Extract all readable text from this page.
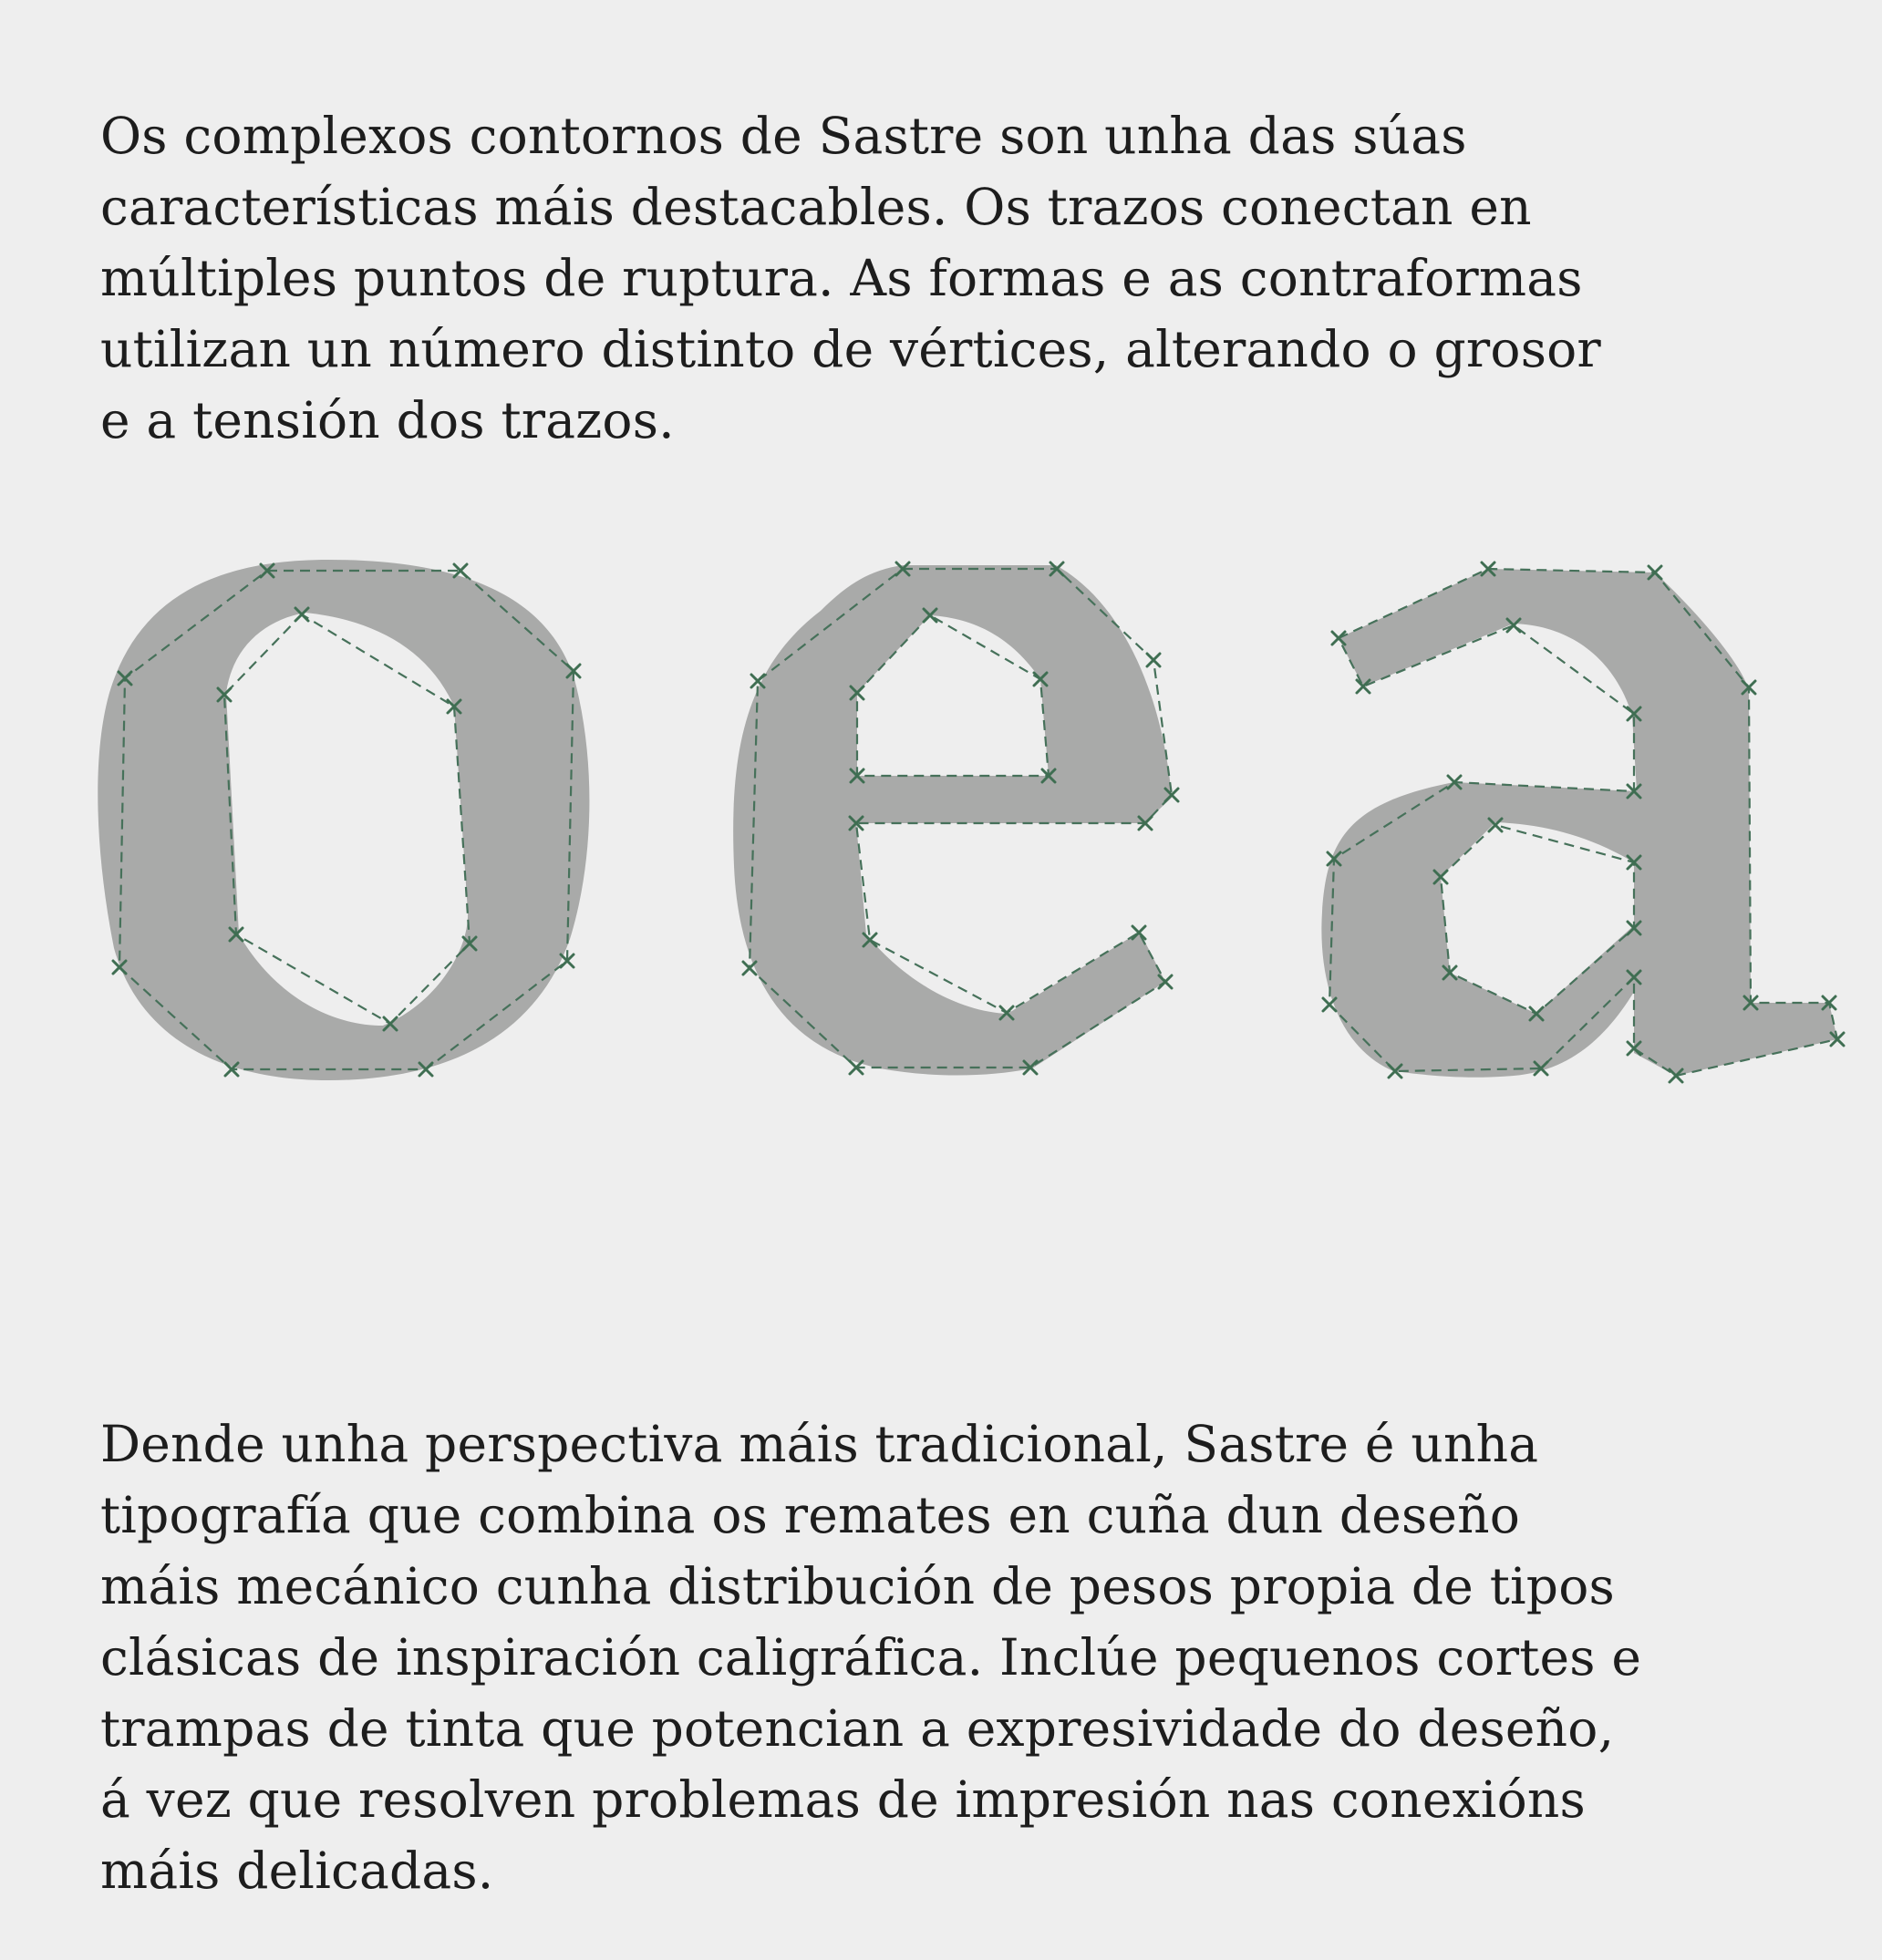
Os complexos contornos de Sastre son unha das súas
características máis destacables. Os trazos conectan en
múltiples puntos de ruptura. As formas e as contraformas
utilizan un número distinto de vértices, alterando o grosor
e a tensión dos trazos.

Dende unha perspectiva máis tradicional, Sastre é unha
tipografía que combina os remates en cuña dun deseño
máis mecánico cunha distribución de pesos propia de tipos
clásicas de inspiración caligráfica. Inclúe pequenos cortes e
trampas de tinta que potencian a expresividade do deseño,
á vez que resolven problemas de impresión nas conexións
máis delicadas.
